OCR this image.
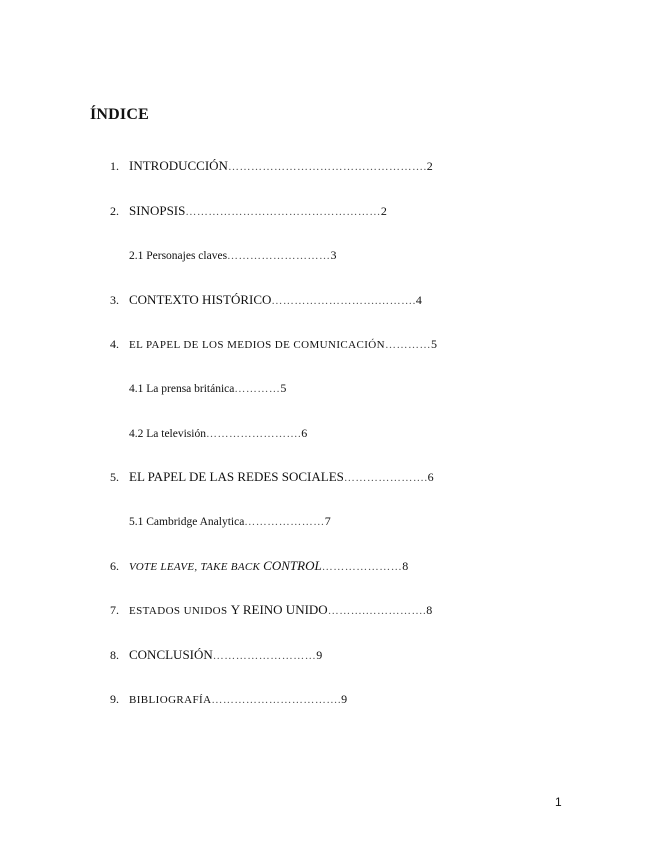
ÍNDICE
1. INTRODUCCIÓN ……………………………………………. 2
2. SINOPSIS …………………………………………… 2
2.1 Personajes claves ……………………… 3
3. CONTEXTO HISTÓRICO ……………………….………. 4
4. EL PAPEL DE LOS MEDIOS DE COMUNICACIÓN ………… 5
4.1 La prensa británica ………… 5
4.2 La televisión ……………………. 6
5. EL PAPEL DE LAS REDES SOCIALES …………………. 6
5.1 Cambridge Analytica ………………… 7
6. VOTE LEAVE, TAKE BACK CONTROL ………………… 8
7. ESTADOS UNIDOS Y REINO UNIDO ……….……………. 8
8. CONCLUSIÓN ……………………… 9
9. BIBLIOGRAFÍA ……………………………. 9
1
